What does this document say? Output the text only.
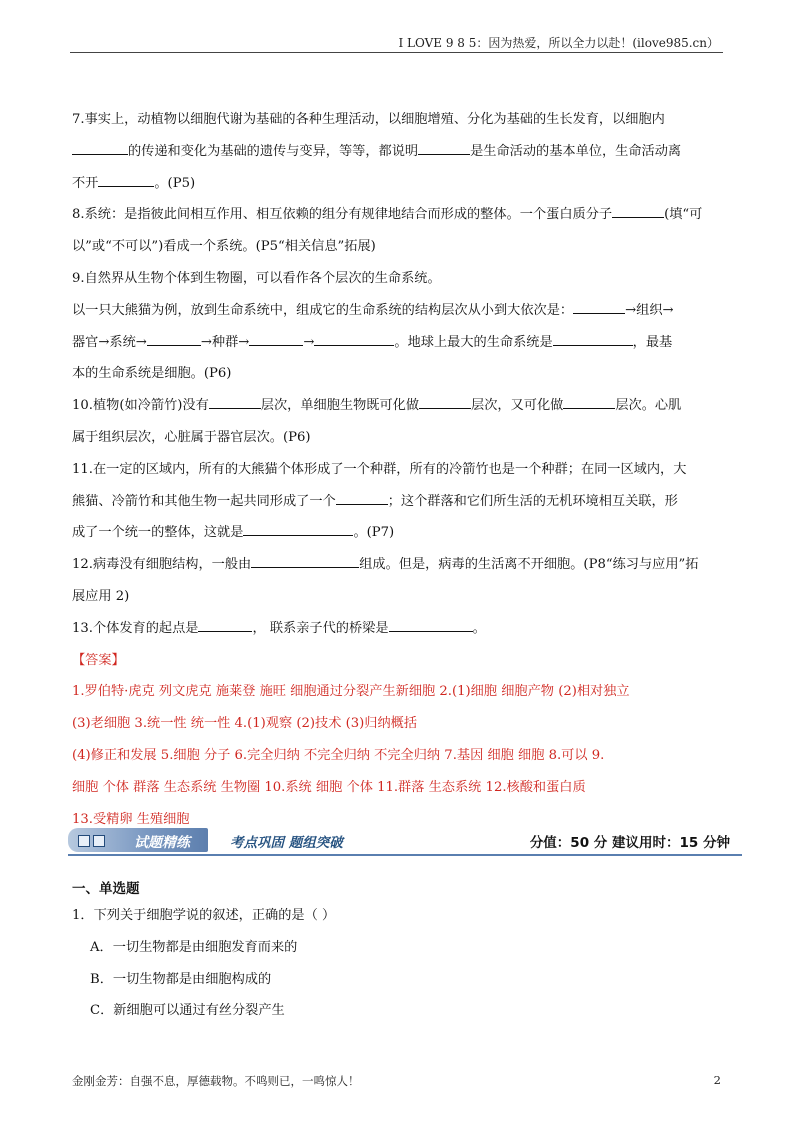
I LOVE 9 8 5：因为热爱，所以全力以赴！(ilove985.cn）

7.事实上，动植物以细胞代谢为基础的各种生理活动，以细胞增殖、分化为基础的生长发育，以细胞内
的传递和变化为基础的遗传与变异，等等，都说明	是生命活动的基本单位，生命活动离
不开	。(P5)

8.系统：是指彼此间相互作用、相互依赖的组分有规律地结合而形成的整体。一个蛋白质分子	(填“可
以”或“不可以”)看成一个系统。(P5“相关信息”拓展)

9.自然界从生物个体到生物圈，可以看作各个层次的生命系统。
以一只大熊猫为例，放到生命系统中，组成它的生命系统的结构层次从小到大依次是：	→组织→
器官→系统→	→种群→	→	。地球上最大的生命系统是	，最基
本的生命系统是细胞。(P6)

10.植物(如冷箭竹)没有	层次，单细胞生物既可化做	层次，又可化做	层次。心肌
属于组织层次，心脏属于器官层次。(P6)

11.在一定的区域内，所有的大熊猫个体形成了一个种群，所有的冷箭竹也是一个种群；在同一区域内，大
熊猫、冷箭竹和其他生物一起共同形成了一个	；这个群落和它们所生活的无机环境相互关联，形
成了一个统一的整体，这就是	。(P7)

12.病毒没有细胞结构，一般由	组成。但是，病毒的生活离不开细胞。(P8“练习与应用”拓
展应用 2)

13.个体发育的起点是	， 联系亲子代的桥梁是	。

【答案】

1.罗伯特·虎克 列文虎克 施莱登 施旺 细胞通过分裂产生新细胞 2.(1)细胞 细胞产物 (2)相对独立

(3)老细胞 3.统一性 统一性 4.(1)观察 (2)技术 (3)归纳概括

(4)修正和发展 5.细胞 分子 6.完全归纳 不完全归纳 不完全归纳 7.基因 细胞 细胞 8.可以 9.

细胞 个体 群落 生态系统 生物圈 10.系统 细胞 个体 11.群落 生态系统 12.核酸和蛋白质

13.受精卵 生殖细胞

试题精练	考点巩固 题组突破	分值：50 分 建议用时：15 分钟
一、单选题

1．下列关于细胞学说的叙述，正确的是（ ）

A．一切生物都是由细胞发育而来的

B．一切生物都是由细胞构成的

C．新细胞可以通过有丝分裂产生

金刚金芳：自强不息，厚德载物。不鸣则已，一鸣惊人！	2
